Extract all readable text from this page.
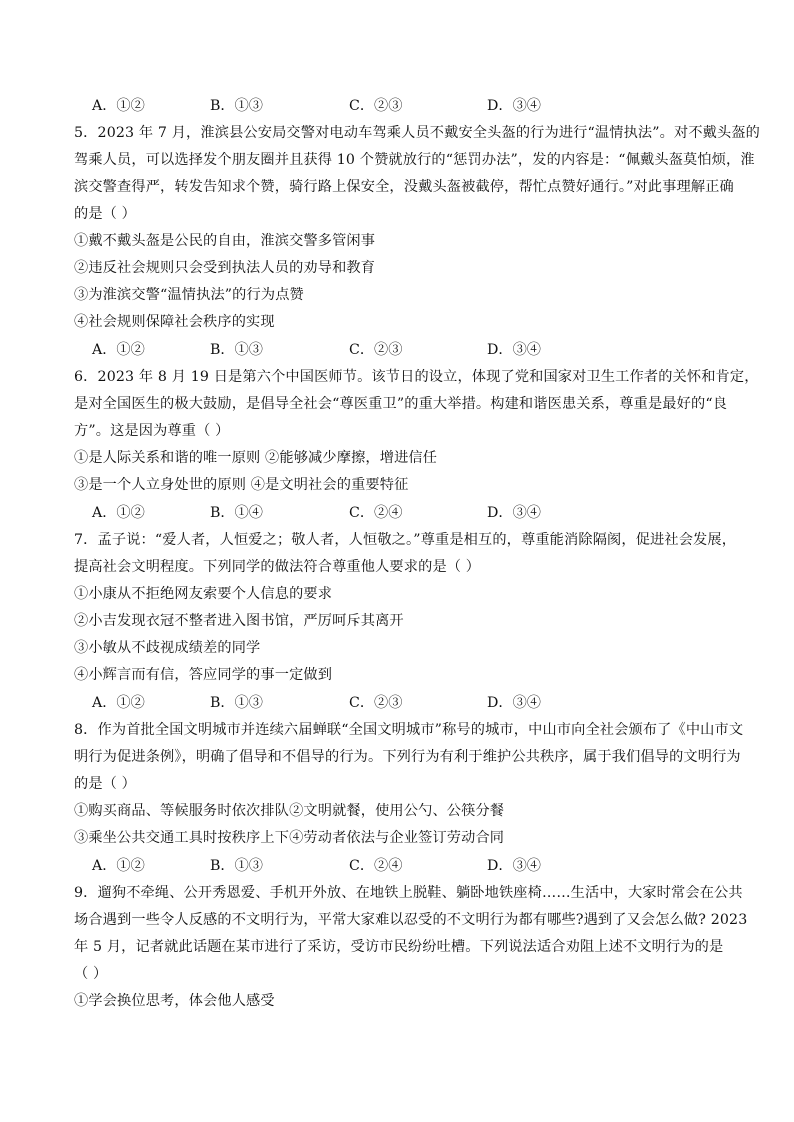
A．①②	B．①③	C．②③	D．③④
5．2023 年 7 月，淮滨县公安局交警对电动车驾乘人员不戴安全头盔的行为进行“温情执法”。对不戴头盔的
驾乘人员，可以选择发个朋友圈并且获得 10 个赞就放行的“惩罚办法”，发的内容是：“佩戴头盔莫怕烦，淮
滨交警查得严，转发告知求个赞，骑行路上保安全，没戴头盔被截停，帮忙点赞好通行。”对此事理解正确
的是（ ）
①戴不戴头盔是公民的自由，淮滨交警多管闲事
②违反社会规则只会受到执法人员的劝导和教育
③为淮滨交警“温情执法”的行为点赞
④社会规则保障社会秩序的实现
A．①②	B．①③	C．②③	D．③④
6．2023 年 8 月 19 日是第六个中国医师节。该节日的设立，体现了党和国家对卫生工作者的关怀和肯定，
是对全国医生的极大鼓励，是倡导全社会“尊医重卫”的重大举措。构建和谐医患关系，尊重是最好的“良
方”。这是因为尊重（ ）
①是人际关系和谐的唯一原则 ②能够减少摩擦，增进信任
③是一个人立身处世的原则 ④是文明社会的重要特征
A．①②	B．①④	C．②④	D．③④
7．孟子说：“爱人者，人恒爱之；敬人者，人恒敬之。”尊重是相互的，尊重能消除隔阂，促进社会发展，
提高社会文明程度。下列同学的做法符合尊重他人要求的是（ ）
①小康从不拒绝网友索要个人信息的要求
②小吉发现衣冠不整者进入图书馆，严厉呵斥其离开
③小敏从不歧视成绩差的同学
④小辉言而有信，答应同学的事一定做到
A．①②	B．①③	C．②③	D．③④
8．作为首批全国文明城市并连续六届蝉联“全国文明城市”称号的城市，中山市向全社会颁布了《中山市文
明行为促进条例》，明确了倡导和不倡导的行为。下列行为有利于维护公共秩序，属于我们倡导的文明行为
的是（ ）
①购买商品、等候服务时依次排队②文明就餐，使用公勺、公筷分餐
③乘坐公共交通工具时按秩序上下④劳动者依法与企业签订劳动合同
A．①②	B．①③	C．②④	D．③④
9．遛狗不牵绳、公开秀恩爱、手机开外放、在地铁上脱鞋、躺卧地铁座椅……生活中，大家时常会在公共
场合遇到一些令人反感的不文明行为，平常大家难以忍受的不文明行为都有哪些?遇到了又会怎么做? 2023
年 5 月，记者就此话题在某市进行了采访，受访市民纷纷吐槽。下列说法适合劝阻上述不文明行为的是
（ ）
①学会换位思考，体会他人感受
